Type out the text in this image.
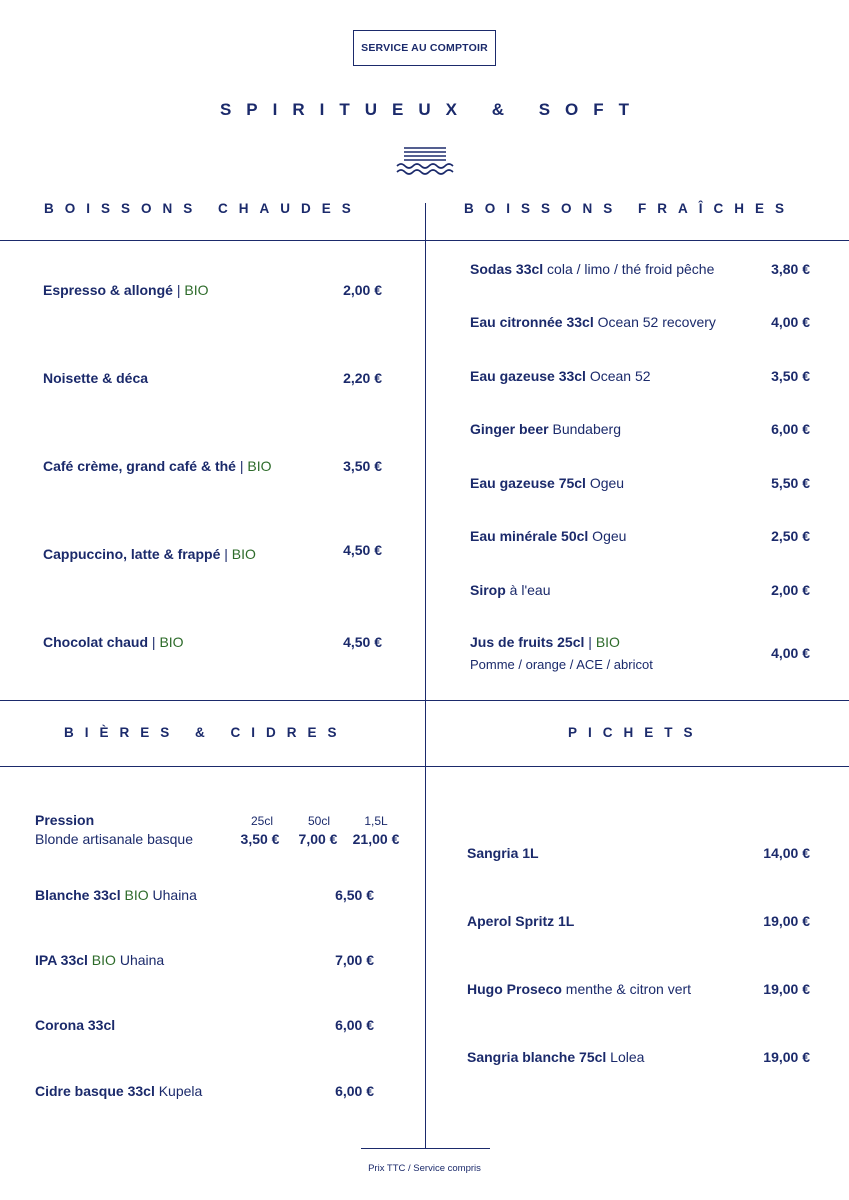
SERVICE AU COMPTOIR
SPIRITUEUX & SOFT
BOISSONS CHAUDES	BOISSONS FRAÎCHES
BIÈRES & CIDRES	PICHETS
Espresso & allongé | BIO	2,00 €
Noisette & déca	2,20 €
Café crème, grand café & thé | BIO	3,50 €
Cappuccino, latte & frappé | BIO	4,50 €
Chocolat chaud | BIO	4,50 €
Sodas 33cl cola / limo / thé froid pêche	3,80 €
Eau citronnée 33cl Ocean 52 recovery	4,00 €
Eau gazeuse 33cl Ocean 52	3,50 €
Ginger beer Bundaberg	6,00 €
Eau gazeuse 75cl Ogeu	5,50 €
Eau minérale 50cl Ogeu	2,50 €
Sirop à l'eau	2,00 €
Jus de fruits 25cl | BIO
Pomme / orange / ACE / abricot
4,00 €
Pression
Blonde artisanale basque
25cl	50cl	1,5L
3,50 €	7,00 €	21,00 €
Blanche 33cl BIO Uhaina	6,50 €
IPA 33cl BIO Uhaina	7,00 €
Corona 33cl	6,00 €
Cidre basque 33cl Kupela	6,00 €
Sangria 1L	14,00 €
Aperol Spritz 1L	19,00 €
Hugo Proseco menthe & citron vert	19,00 €
Sangria blanche 75cl Lolea	19,00 €
Prix TTC / Service compris
